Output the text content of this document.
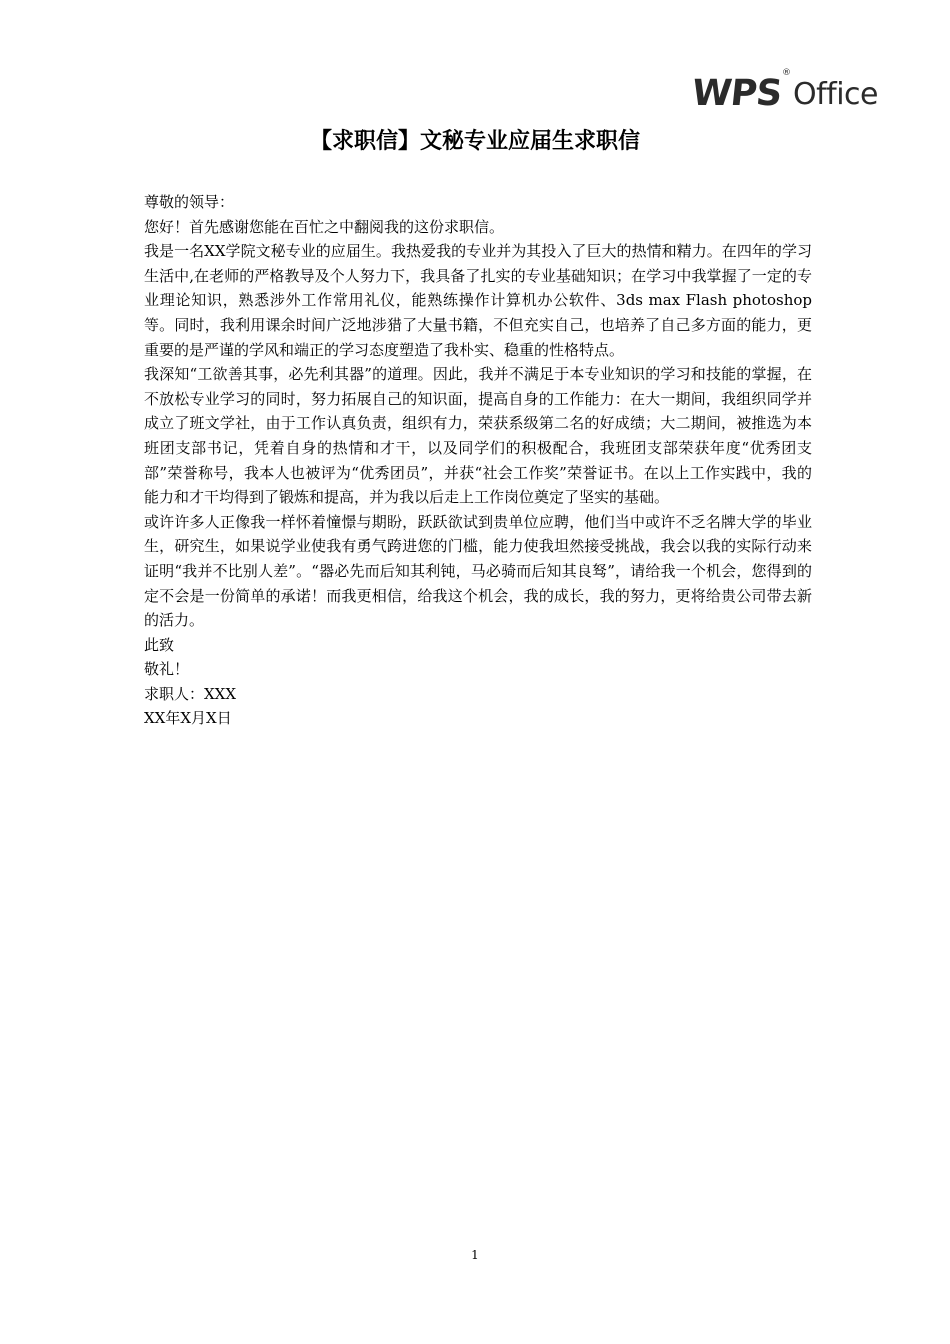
WPS
®
Office
【求职信】文秘专业应届生求职信

尊敬的领导：

您好！首先感谢您能在百忙之中翻阅我的这份求职信。

我是一名XX学院文秘专业的应届生。我热爱我的专业并为其投入了巨大的热情和精力。在四年的学习生活中,在老师的严格教导及个人努力下，我具备了扎实的专业基础知识；在学习中我掌握了一定的专业理论知识，熟悉涉外工作常用礼仪，能熟练操作计算机办公软件、3ds max Flash photoshop等。同时，我利用课余时间广泛地涉猎了大量书籍，不但充实自己，也培养了自己多方面的能力，更重要的是严谨的学风和端正的学习态度塑造了我朴实、稳重的性格特点。

我深知“工欲善其事，必先利其器”的道理。因此，我并不满足于本专业知识的学习和技能的掌握，在不放松专业学习的同时，努力拓展自己的知识面，提高自身的工作能力：在大一期间，我组织同学并成立了班文学社，由于工作认真负责，组织有力，荣获系级第二名的好成绩；大二期间，被推选为本班团支部书记，凭着自身的热情和才干，以及同学们的积极配合，我班团支部荣获年度“优秀团支部”荣誉称号，我本人也被评为“优秀团员”，并获“社会工作奖”荣誉证书。在以上工作实践中，我的能力和才干均得到了锻炼和提高，并为我以后走上工作岗位奠定了坚实的基础。

或许许多人正像我一样怀着憧憬与期盼，跃跃欲试到贵单位应聘，他们当中或许不乏名牌大学的毕业生，研究生，如果说学业使我有勇气跨进您的门槛，能力使我坦然接受挑战，我会以我的实际行动来证明“我并不比别人差”。“器必先而后知其利钝，马必骑而后知其良驽”，请给我一个机会，您得到的定不会是一份简单的承诺！而我更相信，给我这个机会，我的成长，我的努力，更将给贵公司带去新的活力。

此致

敬礼！

求职人：XXX

XX年X月X日

1
